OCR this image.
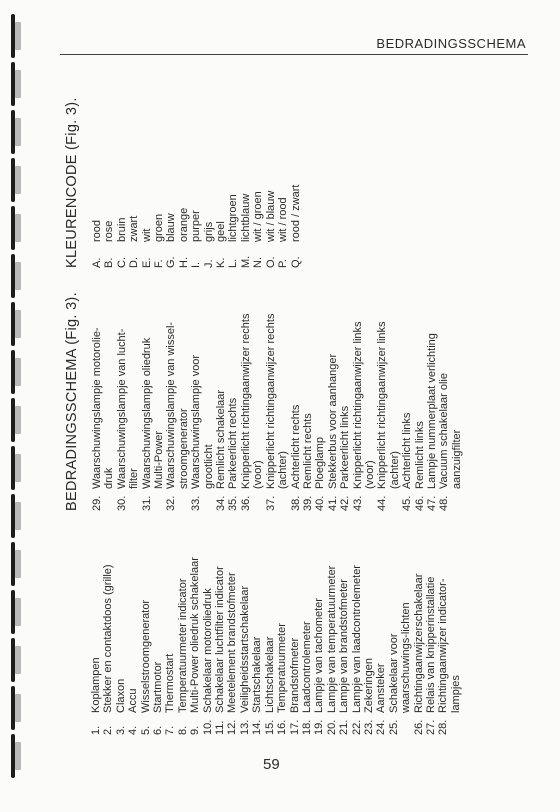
BEDRADINGSSCHEMA
1.
Koplampen
2.
Stekker en contaktdoos (grille)
3.
Claxon
4.
Accu
5.
Wisselstroomgenerator
6.
Startmotor
7.
Thermostart
8.
Temperatuurmeter indicator
9.
Multi-Power oliedruk schakelaar
10.
Schakelaar motoroliedruk
11.
Schakelaar luchtfilter indicator
12.
Meetelement brandstofmeter
13.
Veiligheidsstartschakelaar
14.
Startschakelaar
15.
Lichtschakelaar
16.
Temperatuurmeter
17.
Brandstofmeter
18.
Laadcontrolemeter
19.
Lampje van tachometer
20.
Lampje van temperatuurmeter
21.
Lampje van brandstofmeter
22.
Lampje van laadcontrolemeter
23.
Zekeringen
24.
Aansteker
25.
Schakelaar voor waarschuwings-lichten
26.
Richtingaanwijzerschakelaar
27.
Relais van knipperinstallatie
28.
Richtingaanwijzer indicator-lampjes
BEDRADINGSSCHEMA (Fig. 3). 29.
Waarschuwingslampje motorolie-druk
30.
Waarschuwingslampje van lucht-filter
31.
Waarschuwingslampje oliedruk Multi-Power
32.
Waarschuwingslampje van wissel-stroomgenerator
33.
Waarschuwingslampje voor grootlicht
34.
Remlicht schakelaar
35.
Parkeerlicht rechts
36.
Knipperlicht richtingaanwijzer rechts (voor)
37.
Knipperlicht richtingaanwijzer rechts (achter)
38.
Achterlicht rechts
39.
Remlicht rechts
40.
Ploeglamp
41.
Stekkerbus voor aanhanger
42.
Parkeerlicht links
43.
Knipperlicht richtingaanwijzer links (voor)
44.
Knipperlicht richtingaanwijzer links (achter)
45.
Achterlicht links
46.
Remlicht links
47.
Lampje nummerplaat verlichting
48.
Vacuum schakelaar olie aanzuigfilter
KLEURENCODE (Fig. 3). A.
rood
B.
rose
C.
bruin
D.
zwart
E.
wit
F.
groen
G.
blauw
H.
orange
I.
purper
J.
grijs
K.
geel
L.
lichtgroen
M.
lichtblauw
N.
wit / groen
O.
wit / blauw
P.
wit / rood
Q.
rood / zwart
59
